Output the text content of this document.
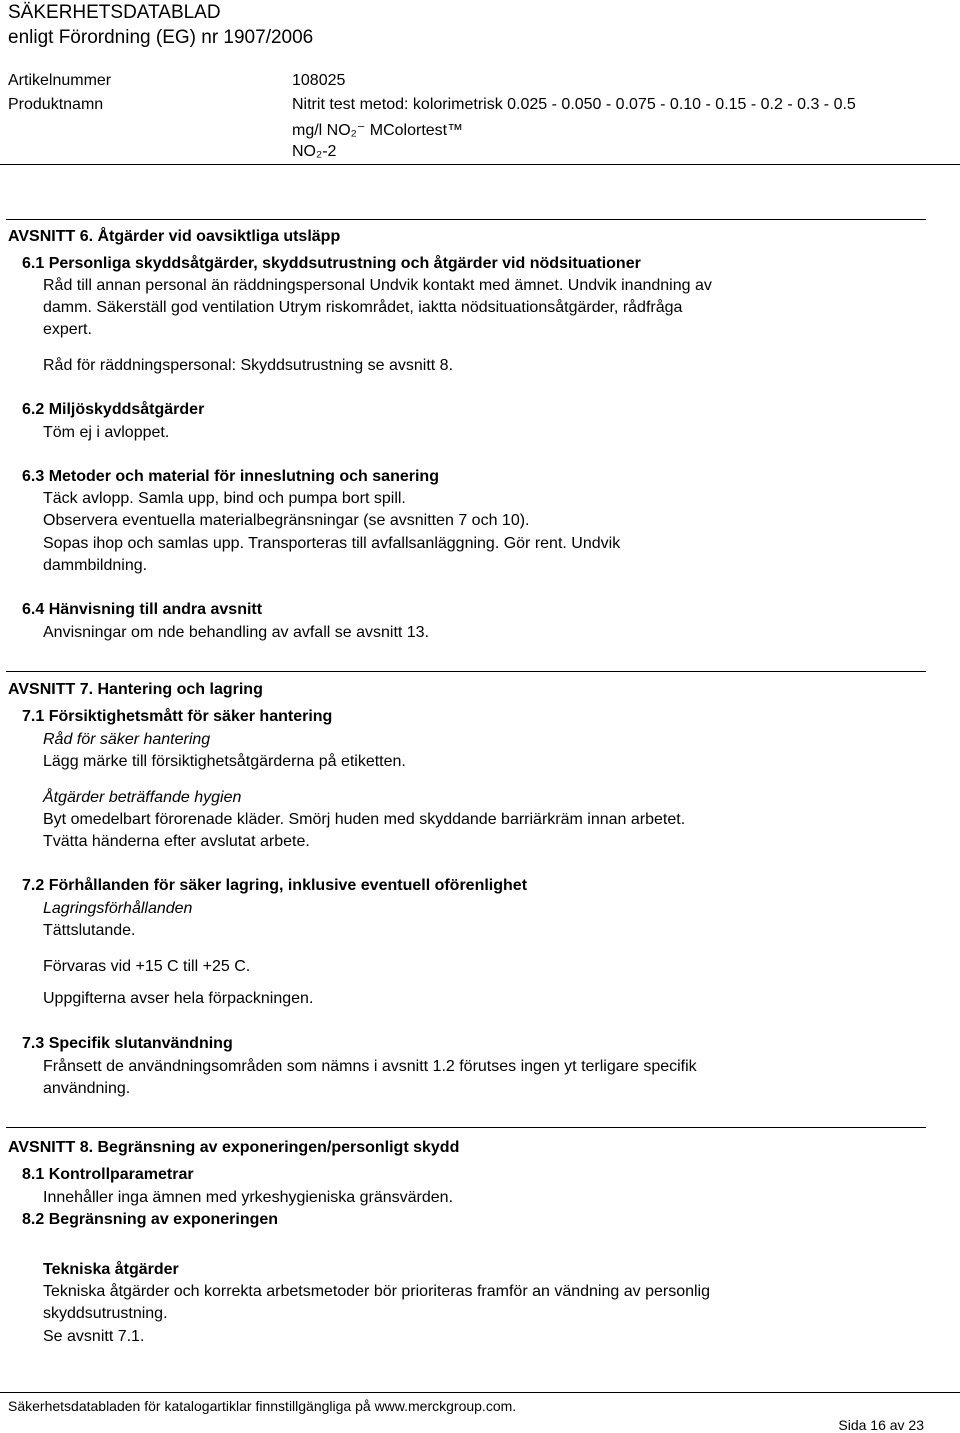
SÄKERHETSDATABLAD
enligt Förordning (EG) nr 1907/2006
Artikelnummer	108025
Produktnamn	Nitrit test metod: kolorimetrisk 0.025 - 0.050 - 0.075 - 0.10 - 0.15 - 0.2 - 0.3 - 0.5
mg/l NO₂⁻ MColortest™
NO₂-2
AVSNITT 6. Åtgärder vid oavsiktliga utsläpp
6.1 Personliga skyddsåtgärder, skyddsutrustning och åtgärder vid nödsituationer
Råd till annan personal än räddningspersonal Undvik kontakt med ämnet. Undvik inandning av
damm. Säkerställ god ventilation Utrym riskområdet, iaktta nödsituationsåtgärder, rådfråga
expert.
Råd för räddningspersonal: Skyddsutrustning se avsnitt 8.
6.2 Miljöskyddsåtgärder
Töm ej i avloppet.
6.3 Metoder och material för inneslutning och sanering
Täck avlopp. Samla upp, bind och pumpa bort spill.
Observera eventuella materialbegränsningar (se avsnitten 7 och 10).
Sopas ihop och samlas upp. Transporteras till avfallsanläggning. Gör rent. Undvik
dammbildning.
6.4 Hänvisning till andra avsnitt
Anvisningar om nde behandling av avfall se avsnitt 13.
AVSNITT 7. Hantering och lagring
7.1 Försiktighetsmått för säker hantering
Råd för säker hantering
Lägg märke till försiktighetsåtgärderna på etiketten.
Åtgärder beträffande hygien
Byt omedelbart förorenade kläder. Smörj huden med skyddande barriärkräm innan arbetet.
Tvätta händerna efter avslutat arbete.
7.2 Förhållanden för säker lagring, inklusive eventuell oförenlighet
Lagringsförhållanden
Tättslutande.
Förvaras vid +15 C till +25 C.
Uppgifterna avser hela förpackningen.
7.3 Specifik slutanvändning
Frånsett de användningsområden som nämns i avsnitt 1.2 förutses ingen yt terligare specifik
användning.
AVSNITT 8. Begränsning av exponeringen/personligt skydd
8.1 Kontrollparametrar
Innehåller inga ämnen med yrkeshygieniska gränsvärden.
8.2 Begränsning av exponeringen
Tekniska åtgärder
Tekniska åtgärder och korrekta arbetsmetoder bör prioriteras framför an vändning av personlig
skyddsutrustning.
Se avsnitt 7.1.
Säkerhetsdatabladen för katalogartiklar finnstillgängliga på www.merckgroup.com.
Sida 16 av 23
